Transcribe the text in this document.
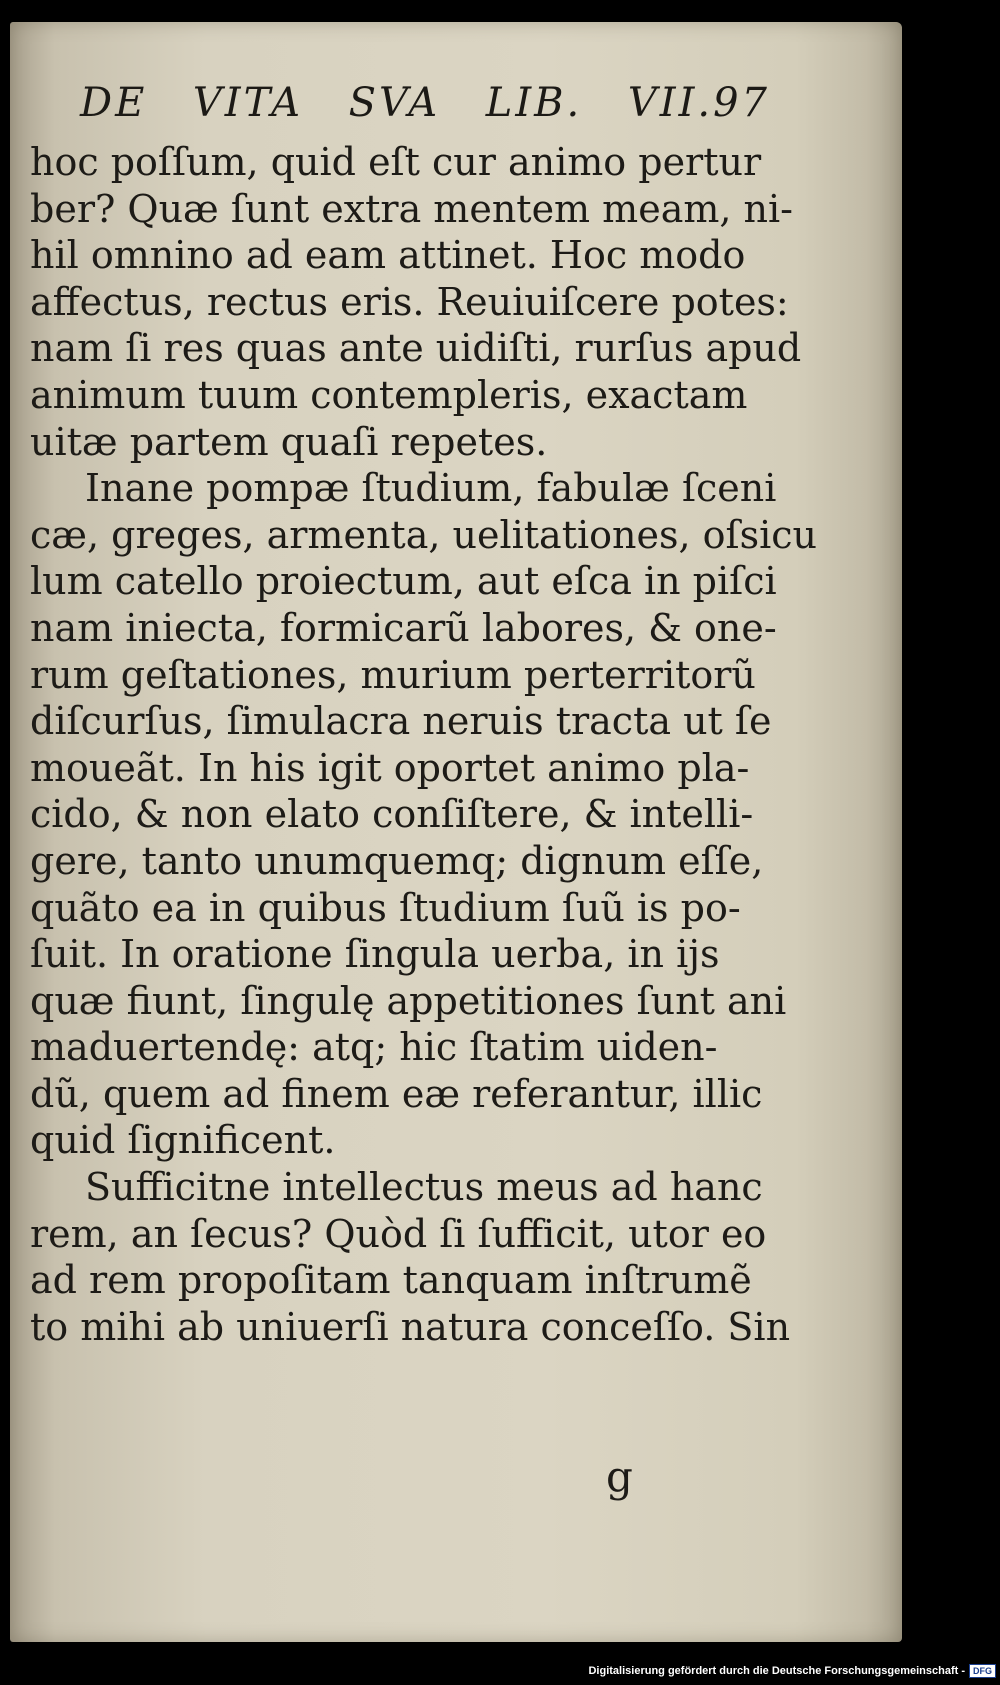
DE VITA SVA LIB. VII.97
hoc poſſum, quid eſt cur animo pertur
ber? Quæ ſunt extra mentem meam, ni-
hil omnino ad eam attinet. Hoc modo
affectus, rectus eris. Reuiuiſcere potes:
nam ſi res quas ante uidiſti, rurſus apud
animum tuum contempleris, exactam
uitæ partem quaſi repetes.
Inane pompæ ſtudium, fabulæ ſceni
cæ, greges, armenta, uelitationes, oſsicu
lum catello proiectum, aut eſca in piſci
nam iniecta, formicarũ labores, & one-
rum geſtationes, murium perterritorũ
diſcurſus, ſimulacra neruis tracta ut ſe
moueãt. In his igit oportet animo pla-
cido, & non elato conſiſtere, & intelli-
gere, tanto unumquemq; dignum eſſe,
quãto ea in quibus ſtudium ſuũ is po-
ſuit. In oratione ſingula uerba, in ijs
quæ fiunt, ſingulę appetitiones ſunt ani
maduertendę: atq; hic ſtatim uiden-
dũ, quem ad finem eæ referantur, illic
quid ſignificent.
Sufficitne intellectus meus ad hanc
rem, an ſecus? Quòd ſi ſufficit, utor eo
ad rem propoſitam tanquam inſtrumẽ
to mihi ab uniuerſi natura conceſſo. Sin
g
Digitalisierung gefördert durch die Deutsche Forschungsgemeinschaft - DFG
